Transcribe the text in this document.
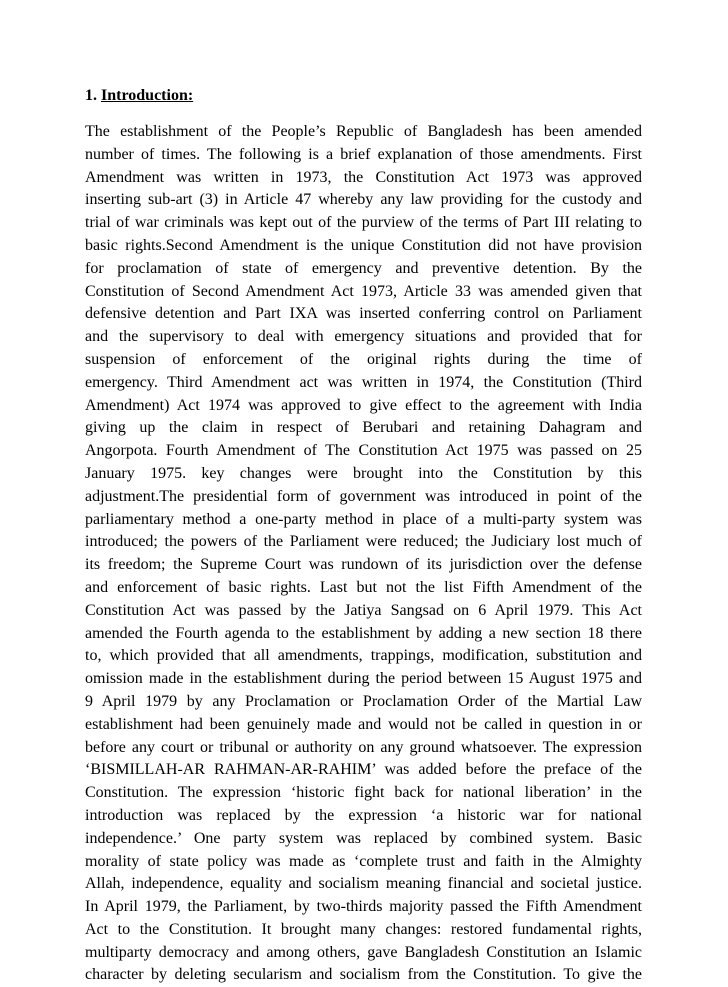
1. Introduction:
The establishment of the People’s Republic of Bangladesh has been amended
number of times. The following is a brief explanation of those amendments. First
Amendment was written in 1973, the Constitution Act 1973 was approved
inserting sub-art (3) in Article 47 whereby any law providing for the custody and
trial of war criminals was kept out of the purview of the terms of Part III relating to
basic rights.Second Amendment is the unique Constitution did not have provision
for proclamation of state of emergency and preventive detention. By the
Constitution of Second Amendment Act 1973, Article 33 was amended given that
defensive detention and Part IXA was inserted conferring control on Parliament
and the supervisory to deal with emergency situations and provided that for
suspension of enforcement of the original rights during the time of
emergency. Third Amendment act was written in 1974, the Constitution (Third
Amendment) Act 1974 was approved to give effect to the agreement with India
giving up the claim in respect of Berubari and retaining Dahagram and
Angorpota. Fourth Amendment of The Constitution Act 1975 was passed on 25
January 1975. key changes were brought into the Constitution by this
adjustment.The presidential form of government was introduced in point of the
parliamentary method a one-party method in place of a multi-party system was
introduced; the powers of the Parliament were reduced; the Judiciary lost much of
its freedom; the Supreme Court was rundown of its jurisdiction over the defense
and enforcement of basic rights. Last but not the list Fifth Amendment of the
Constitution Act was passed by the Jatiya Sangsad on 6 April 1979. This Act
amended the Fourth agenda to the establishment by adding a new section 18 there
to, which provided that all amendments, trappings, modification, substitution and
omission made in the establishment during the period between 15 August 1975 and
9 April 1979 by any Proclamation or Proclamation Order of the Martial Law
establishment had been genuinely made and would not be called in question in or
before any court or tribunal or authority on any ground whatsoever. The expression
‘BISMILLAH-AR RAHMAN-AR-RAHIM’ was added before the preface of the
Constitution. The expression ‘historic fight back for national liberation’ in the
introduction was replaced by the expression ‘a historic war for national
independence.’ One party system was replaced by combined system. Basic
morality of state policy was made as ‘complete trust and faith in the Almighty
Allah, independence, equality and socialism meaning financial and societal justice.
In April 1979, the Parliament, by two-thirds majority passed the Fifth Amendment
Act to the Constitution. It brought many changes: restored fundamental rights,
multiparty democracy and among others, gave Bangladesh Constitution an Islamic
character by deleting secularism and socialism from the Constitution. To give the
